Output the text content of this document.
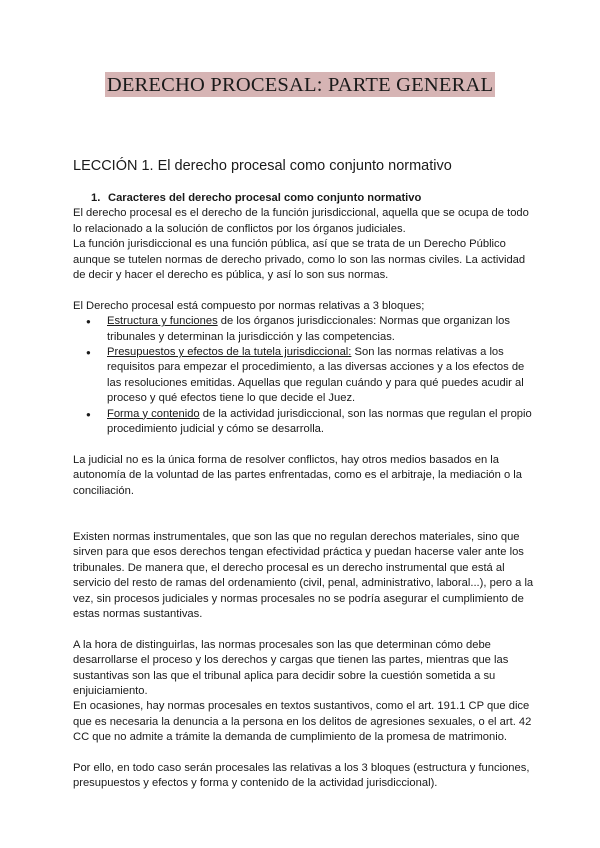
DERECHO PROCESAL: PARTE GENERAL
LECCIÓN 1. El derecho procesal como conjunto normativo
1. Caracteres del derecho procesal como conjunto normativo

El derecho procesal es el derecho de la función jurisdiccional, aquella que se ocupa de todo lo relacionado a la solución de conflictos por los órganos judiciales.

La función jurisdiccional es una función pública, así que se trata de un Derecho Público aunque se tutelen normas de derecho privado, como lo son las normas civiles. La actividad de decir y hacer el derecho es pública, y así lo son sus normas.

El Derecho procesal está compuesto por normas relativas a 3 bloques;

● Estructura y funciones de los órganos jurisdiccionales: Normas que organizan los tribunales y determinan la jurisdicción y las competencias.
● Presupuestos y efectos de la tutela jurisdiccional: Son las normas relativas a los requisitos para empezar el procedimiento, a las diversas acciones y a los efectos de las resoluciones emitidas. Aquellas que regulan cuándo y para qué puedes acudir al proceso y qué efectos tiene lo que decide el Juez.
● Forma y contenido de la actividad jurisdiccional, son las normas que regulan el propio procedimiento judicial y cómo se desarrolla.

La judicial no es la única forma de resolver conflictos, hay otros medios basados en la autonomía de la voluntad de las partes enfrentadas, como es el arbitraje, la mediación o la conciliación.

Existen normas instrumentales, que son las que no regulan derechos materiales, sino que sirven para que esos derechos tengan efectividad práctica y puedan hacerse valer ante los tribunales. De manera que, el derecho procesal es un derecho instrumental que está al servicio del resto de ramas del ordenamiento (civil, penal, administrativo, laboral...), pero a la vez, sin procesos judiciales y normas procesales no se podría asegurar el cumplimiento de estas normas sustantivas.

A la hora de distinguirlas, las normas procesales son las que determinan cómo debe desarrollarse el proceso y los derechos y cargas que tienen las partes, mientras que las sustantivas son las que el tribunal aplica para decidir sobre la cuestión sometida a su enjuiciamiento.

En ocasiones, hay normas procesales en textos sustantivos, como el art. 191.1 CP que dice que es necesaria la denuncia a la persona en los delitos de agresiones sexuales, o el art. 42 CC que no admite a trámite la demanda de cumplimiento de la promesa de matrimonio.

Por ello, en todo caso serán procesales las relativas a los 3 bloques (estructura y funciones, presupuestos y efectos y forma y contenido de la actividad jurisdiccional).
